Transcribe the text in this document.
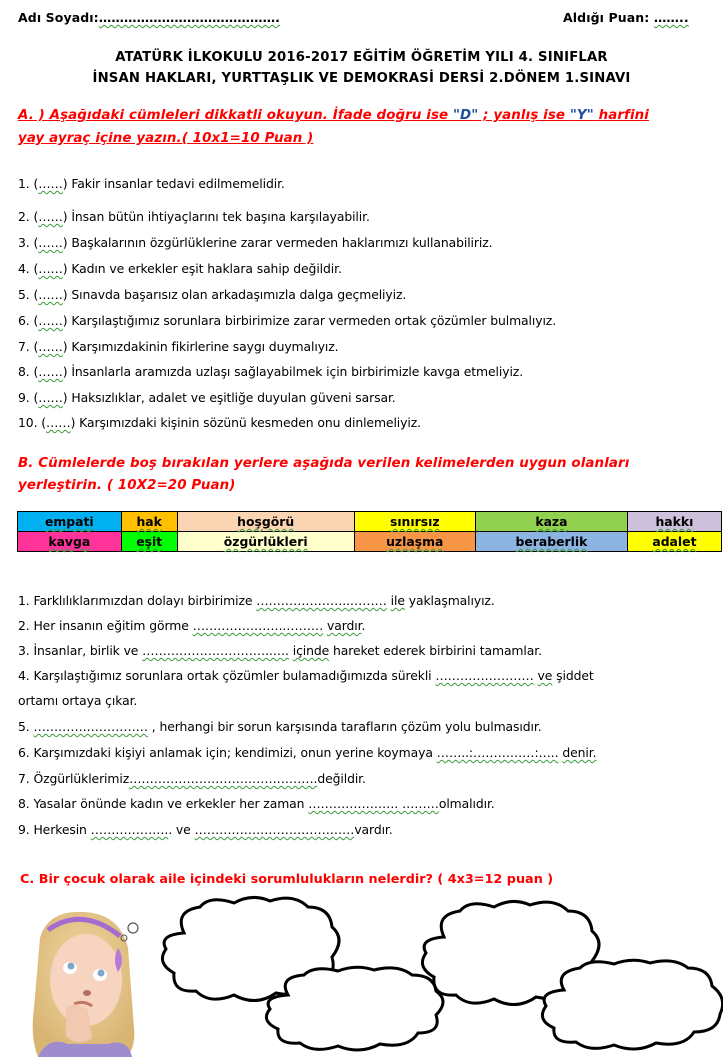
Adı Soyadı:…………………………………….	Aldığı Puan: ……..
ATATÜRK İLKOKULU 2016-2017 EĞİTİM ÖĞRETİM YILI 4. SINIFLAR
İNSAN HAKLARI, YURTTAŞLIK VE DEMOKRASİ DERSİ 2.DÖNEM 1.SINAVI
A. ) Aşağıdaki cümleleri dikkatli okuyun. İfade doğru ise "D" ; yanlış ise "Y" harfini
yay ayraç içine yazın.( 10x1=10 Puan )
1. (……) Fakir insanlar tedavi edilmemelidir.
2. (……) İnsan bütün ihtiyaçlarını tek başına karşılayabilir.
3. (……) Başkalarının özgürlüklerine zarar vermeden haklarımızı kullanabiliriz.
4. (……) Kadın ve erkekler eşit haklara sahip değildir.
5. (……) Sınavda başarısız olan arkadaşımızla dalga geçmeliyiz.
6. (……) Karşılaştığımız sorunlara birbirimize zarar vermeden ortak çözümler bulmalıyız.
7. (……) Karşımızdakinin fikirlerine saygı duymalıyız.
8. (……) İnsanlarla aramızda uzlaşı sağlayabilmek için birbirimizle kavga etmeliyiz.
9. (……) Haksızlıklar, adalet ve eşitliğe duyulan güveni sarsar.
10. (……) Karşımızdaki kişinin sözünü kesmeden onu dinlemeliyiz.
B. Cümlelerde boş bırakılan yerlere aşağıda verilen kelimelerden uygun olanları
yerleştirin. ( 10X2=20 Puan)
empati	hak	hoşgörü	sınırsız	kaza	hakkı
kavga	eşit	özgürlükleri	uzlaşma	beraberlik	adalet
1. Farklılıklarımızdan dolayı birbirimize …………………..……… ile yaklaşmalıyız.
2. Her insanın eğitim görme …………………..……… vardır.
3. İnsanlar, birlik ve …………………………..…. içinde hareket ederek birbirini tamamlar.
4. Karşılaştığımız sorunlara ortak çözümler bulamadığımızda sürekli …………………… ve şiddet
ortamı ortaya çıkar.
5. ………….…………… , herhangi bir sorun karşısında tarafların çözüm yolu bulmasıdır.
6. Karşımızdaki kişiyi anlamak için; kendimizi, onun yerine koymaya ……..:……………:….. denir.
7. Özgürlüklerimiz……………………………………….değildir.
8. Yasalar önünde kadın ve erkekler her zaman …………………. ………olmalıdır.
9. Herkesin ……………….. ve …………………………………vardır.
C. Bir çocuk olarak aile içindeki sorumlulukların nelerdir? ( 4x3=12 puan )
